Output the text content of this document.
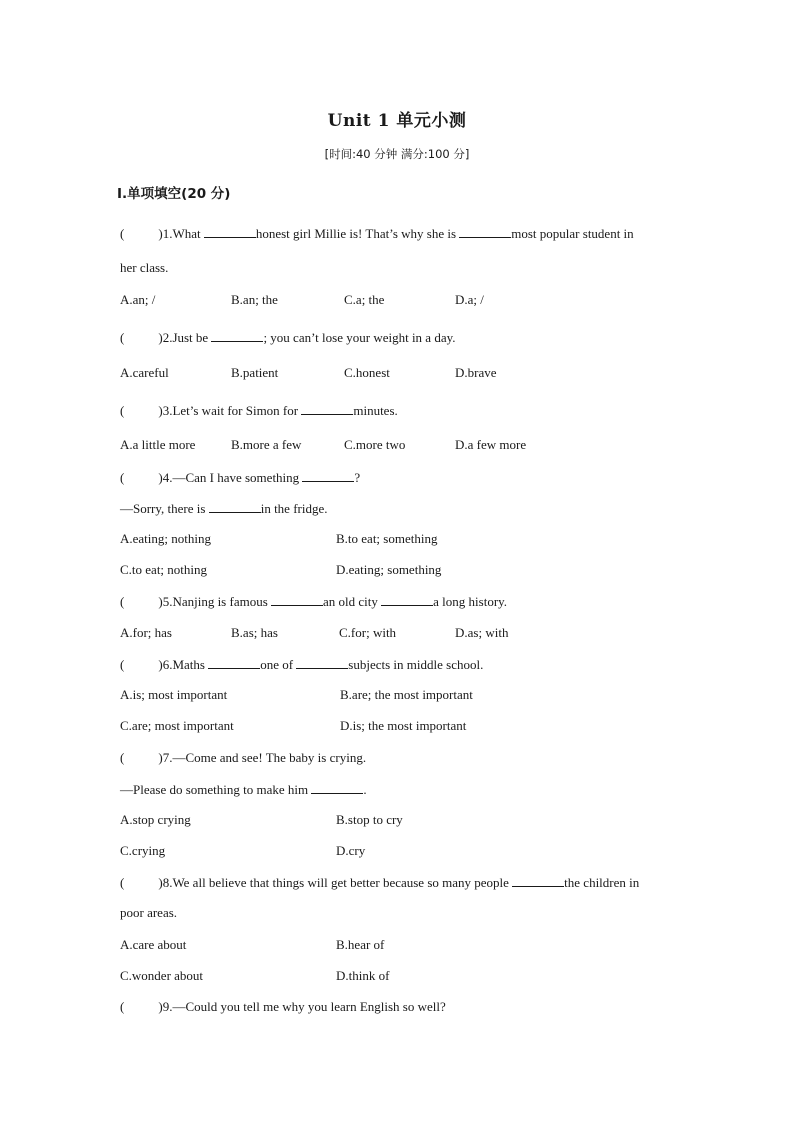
Unit 1 单元小测
[时间:40 分钟 满分:100 分]
Ⅰ.单项填空(20 分)
(	)1.What	honest girl Millie is! That’s why she is	most popular student in
her class.
A.an; /	B.an; the	C.a; the	D.a; /
(	)2.Just be	; you can’t lose your weight in a day.
A.careful	B.patient	C.honest	D.brave
(	)3.Let’s wait for Simon for	minutes.
A.a little more	B.more a few	C.more two	D.a few more
(	)4.—Can I have something	?
—Sorry, there is	in the fridge.
A.eating; nothing	B.to eat; something
C.to eat; nothing	D.eating; something
(	)5.Nanjing is famous	an old city	a long history.
A.for; has	B.as; has	C.for; with	D.as; with
(	)6.Maths	one of	subjects in middle school.
A.is; most important	B.are; the most important
C.are; most important	D.is; the most important
(	)7.—Come and see! The baby is crying.
—Please do something to make him	.
A.stop crying	B.stop to cry
C.crying	D.cry
(	)8.We all believe that things will get better because so many people	the children in
poor areas.
A.care about	B.hear of
C.wonder about	D.think of
(	)9.—Could you tell me why you learn English so well?
